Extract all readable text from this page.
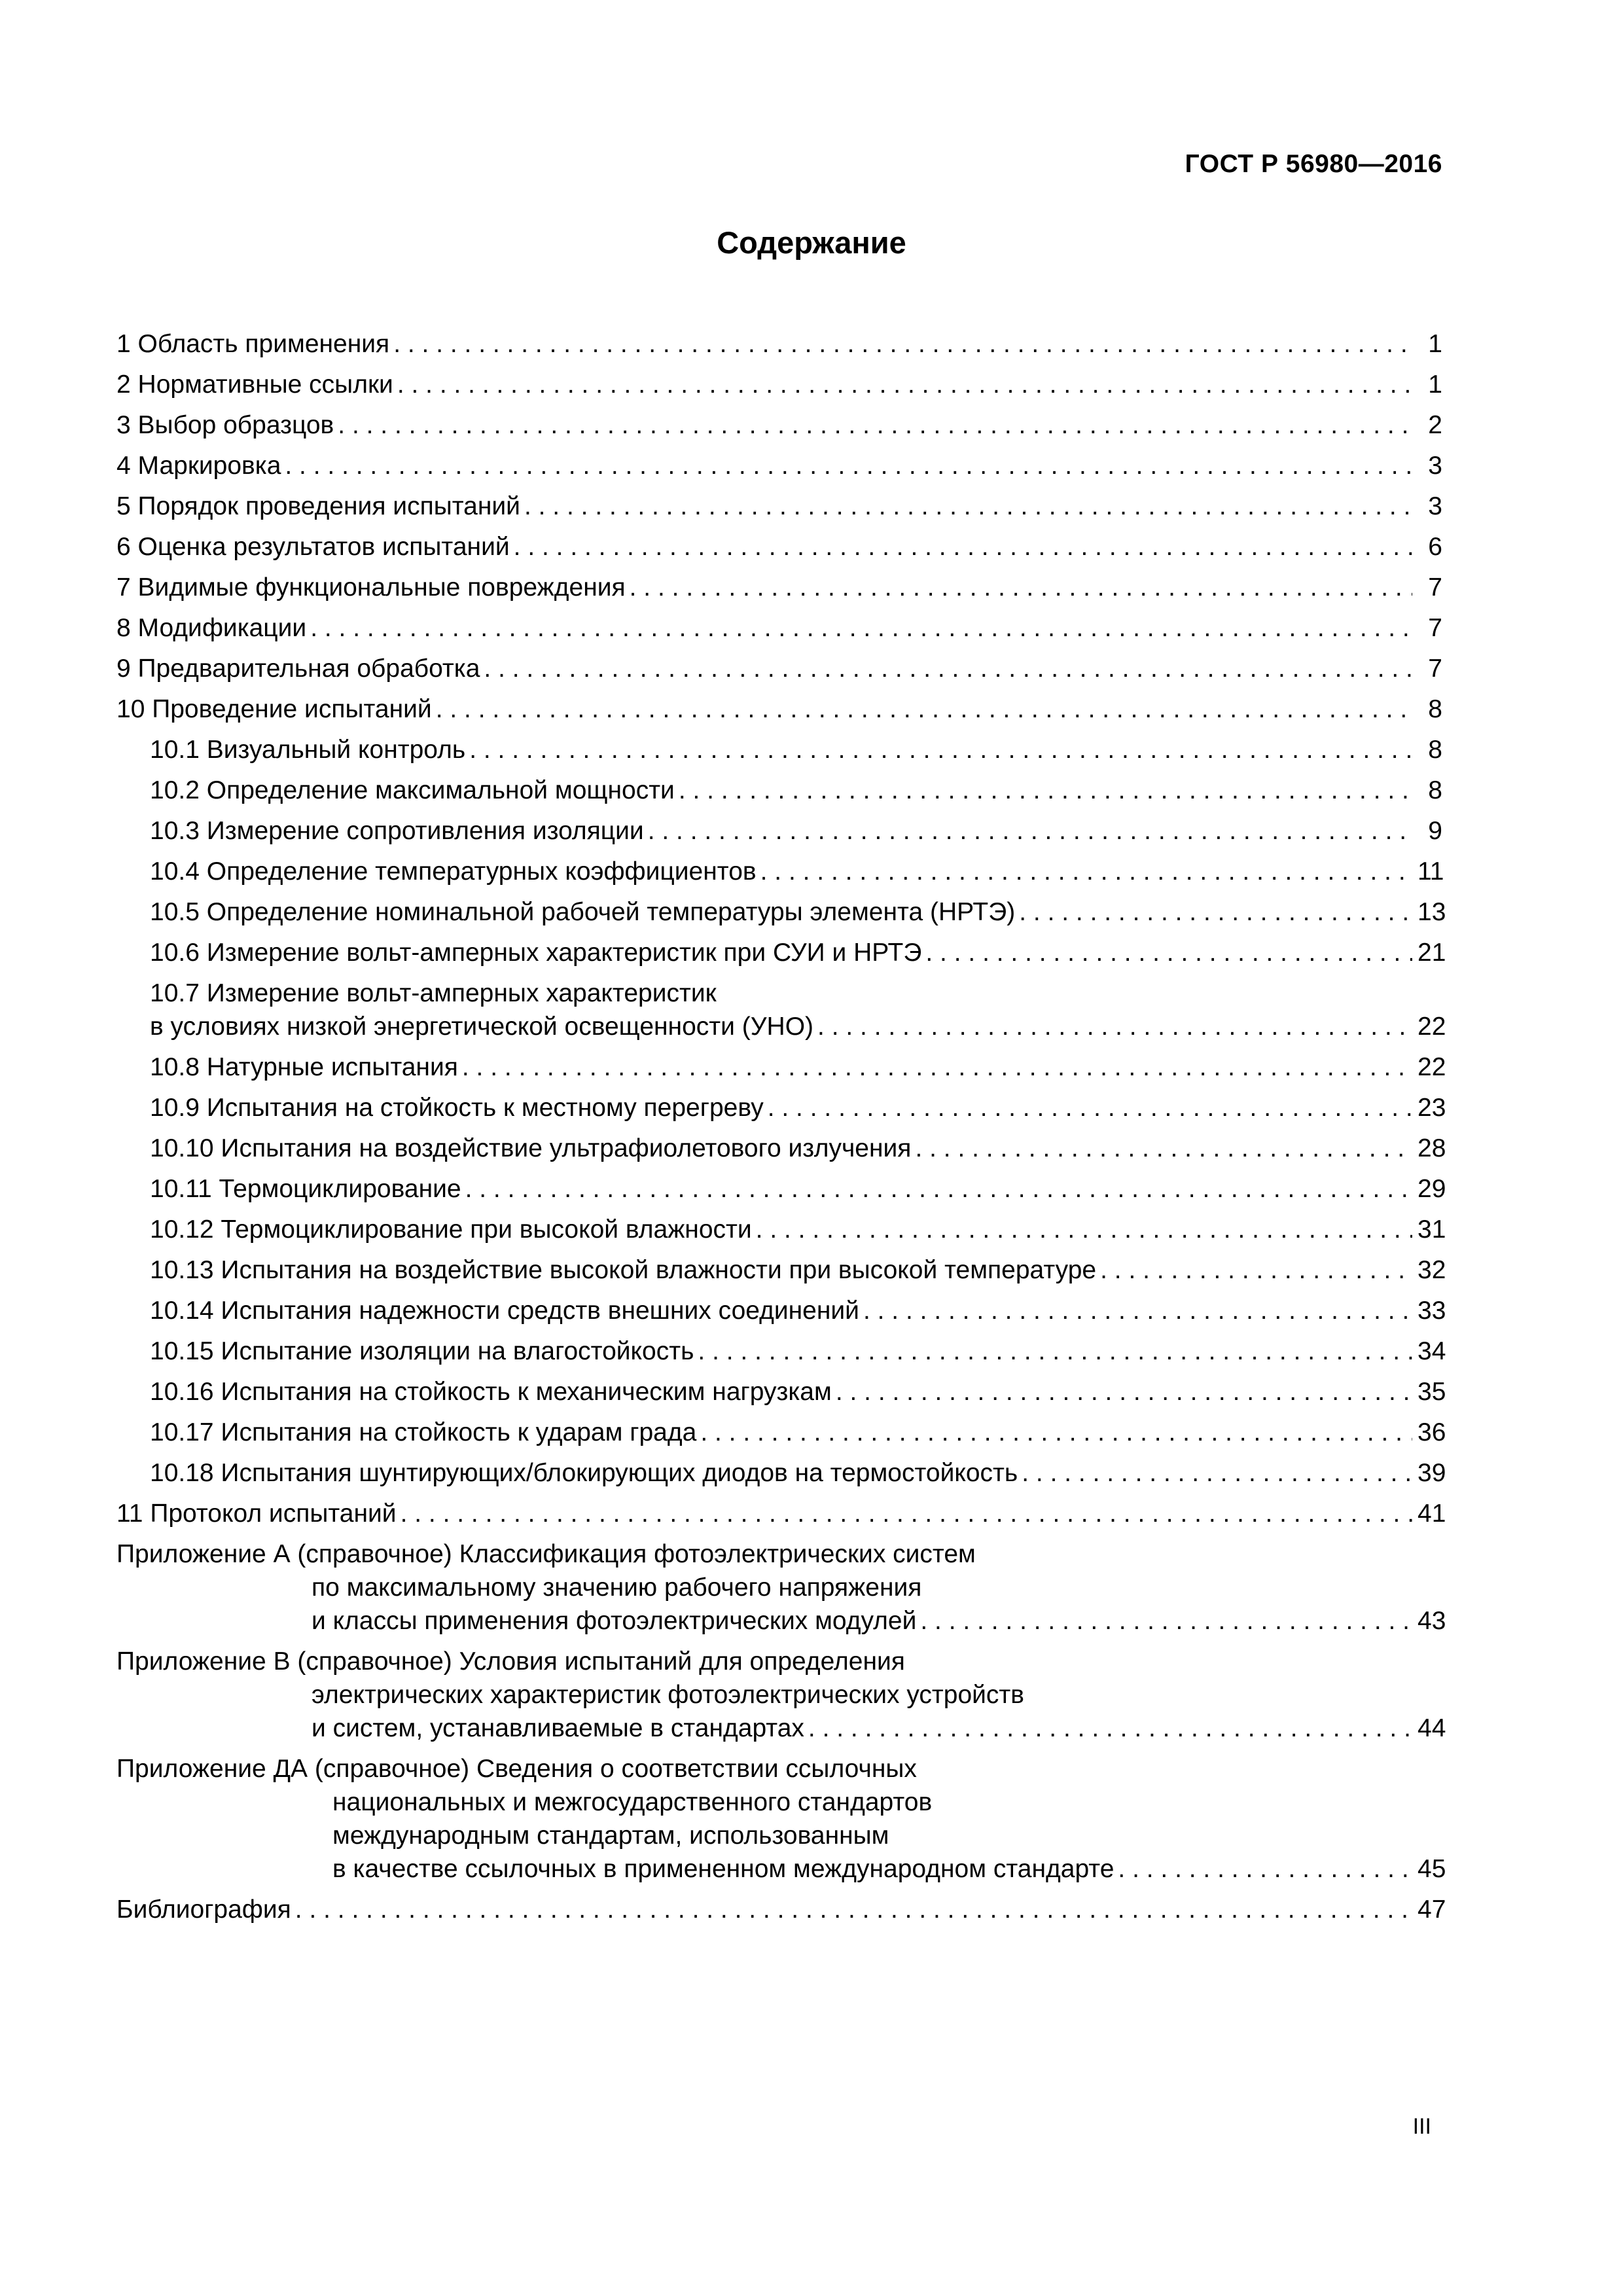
ГОСТ Р 56980—2016
Содержание
1 Область применения . . .	1
2 Нормативные ссылки . . .	1
3 Выбор образцов . . .	2
4 Маркировка . . .	3
5 Порядок проведения испытаний . . .	3
6 Оценка результатов испытаний . . .	6
7 Видимые функциональные повреждения . . .	7
8 Модификации . . .	7
9 Предварительная обработка . . .	7
10 Проведение испытаний . . .	8
10.1 Визуальный контроль . . .	8
10.2 Определение максимальной мощности . . .	8
10.3 Измерение сопротивления изоляции . . .	9
10.4 Определение температурных коэффициентов . . .	11
10.5 Определение номинальной рабочей температуры элемента (НРТЭ) . . .	13
10.6 Измерение вольт-амперных характеристик при СУИ и НРТЭ . . .	21
10.7 Измерение вольт-амперных характеристик
в условиях низкой энергетической освещенности (УНО) . . .	22
10.8 Натурные испытания . . .	22
10.9 Испытания на стойкость к местному перегреву . . .	23
10.10 Испытания на воздействие ультрафиолетового излучения . . .	28
10.11 Термоциклирование . . .	29
10.12 Термоциклирование при высокой влажности . . .	31
10.13 Испытания на воздействие высокой влажности при высокой температуре . . .	32
10.14 Испытания надежности средств внешних соединений . . .	33
10.15 Испытание изоляции на влагостойкость . . .	34
10.16 Испытания на стойкость к механическим нагрузкам . . .	35
10.17 Испытания на стойкость к ударам града . . .	36
10.18 Испытания шунтирующих/блокирующих диодов на термостойкость . . .	39
11 Протокол испытаний . . .	41
Приложение А (справочное) Классификация фотоэлектрических систем
по максимальному значению рабочего напряжения
и классы применения фотоэлектрических модулей . . .	43
Приложение В (справочное) Условия испытаний для определения
электрических характеристик фотоэлектрических устройств
и систем, устанавливаемые в стандартах . . .	44
Приложение ДА (справочное) Сведения о соответствии ссылочных
национальных и межгосударственного стандартов
международным стандартам, использованным
в качестве ссылочных в примененном международном стандарте . . .	45
Библиография . . .	47
III
